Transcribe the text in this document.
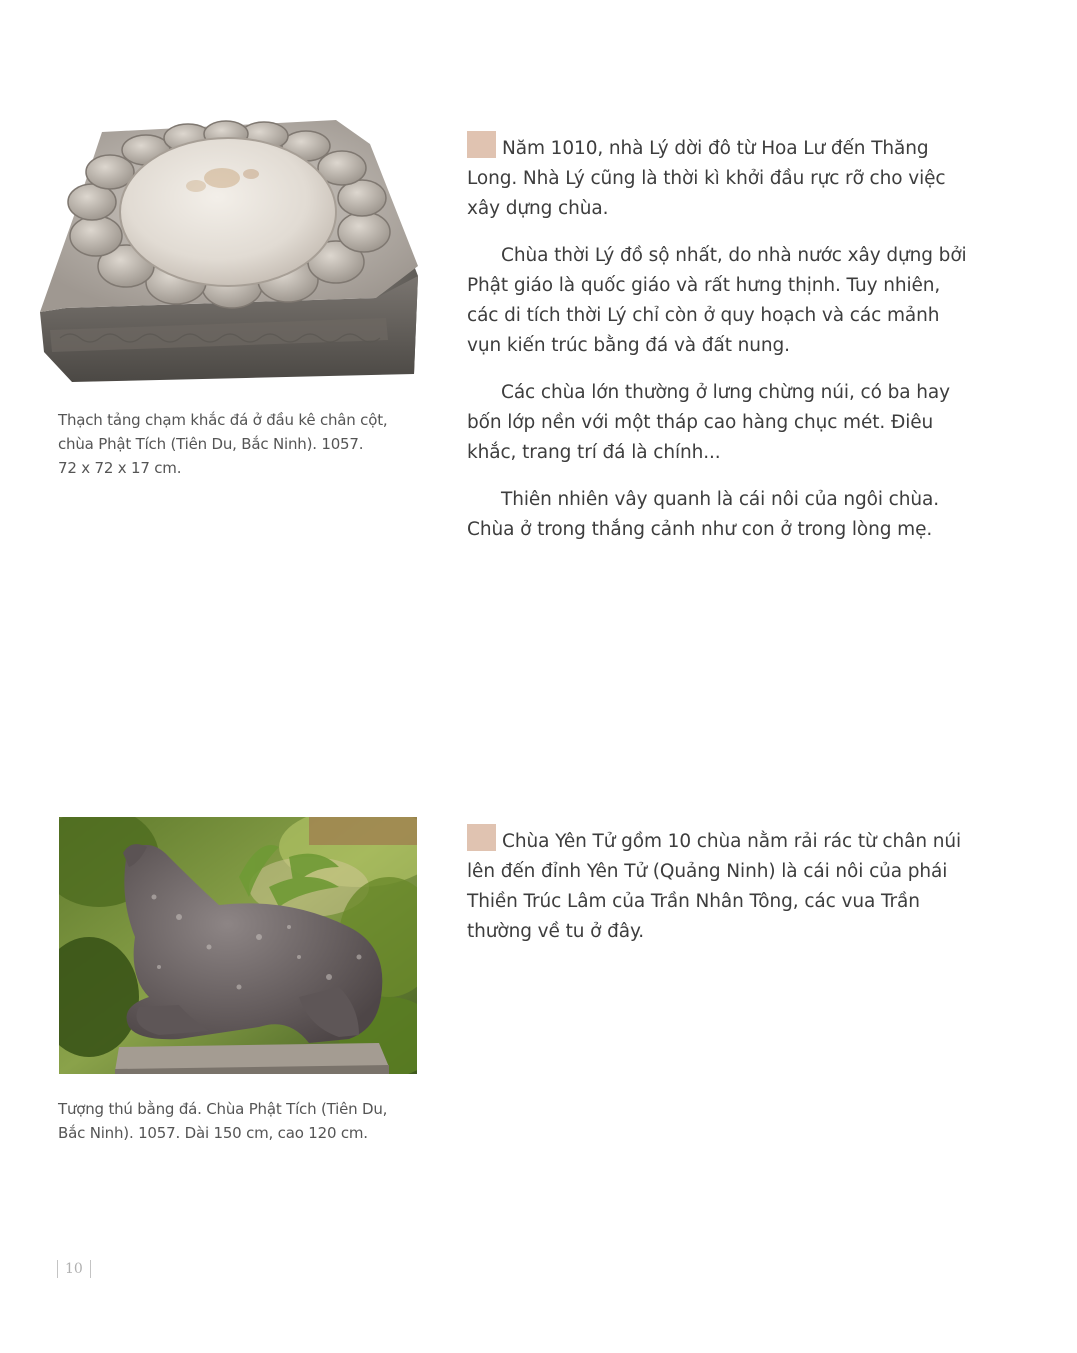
Thạch tảng chạm khắc đá ở đầu kê chân cột,
chùa Phật Tích (Tiên Du, Bắc Ninh). 1057.
72 x 72 x 17 cm.

Năm 1010, nhà Lý dời đô từ Hoa Lư đến Thăng Long. Nhà Lý cũng là thời kì khởi đầu rực rỡ cho việc xây dựng chùa.

Chùa thời Lý đồ sộ nhất, do nhà nước xây dựng bởi Phật giáo là quốc giáo và rất hưng thịnh. Tuy nhiên, các di tích thời Lý chỉ còn ở quy hoạch và các mảnh vụn kiến trúc bằng đá và đất nung.

Các chùa lớn thường ở lưng chừng núi, có ba hay bốn lớp nền với một tháp cao hàng chục mét. Điêu khắc, trang trí đá là chính...

Thiên nhiên vây quanh là cái nôi của ngôi chùa. Chùa ở trong thắng cảnh như con ở trong lòng mẹ.

Tượng thú bằng đá. Chùa Phật Tích (Tiên Du,
Bắc Ninh). 1057. Dài 150 cm, cao 120 cm.

Chùa Yên Tử gồm 10 chùa nằm rải rác từ chân núi lên đến đỉnh Yên Tử (Quảng Ninh) là cái nôi của phái Thiền Trúc Lâm của Trần Nhân Tông, các vua Trần thường về tu ở đây.

10
